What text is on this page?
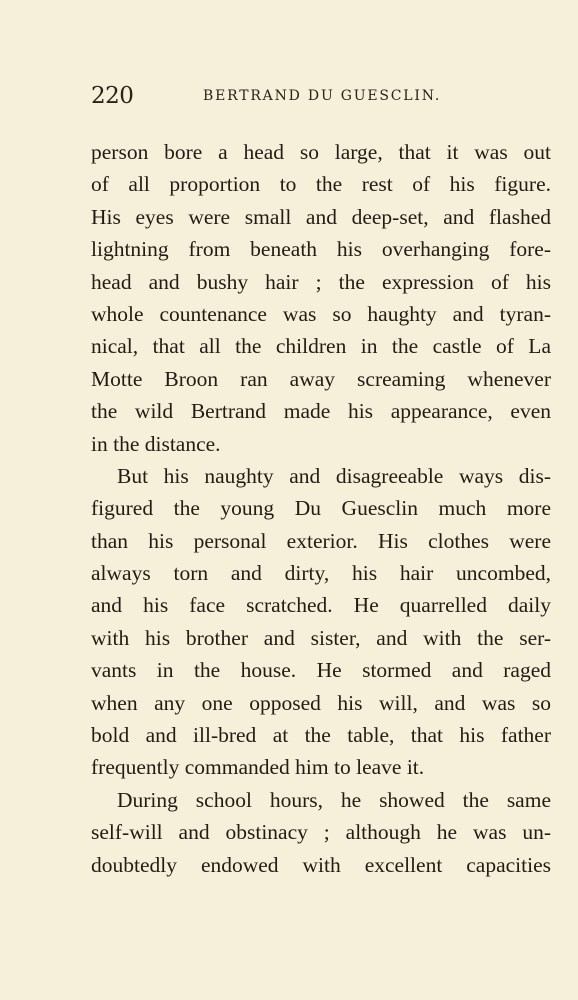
220	BERTRAND DU GUESCLIN.
person bore a head so large, that it was out
of all proportion to the rest of his figure.
His eyes were small and deep-set, and flashed
lightning from beneath his overhanging fore-
head and bushy hair ; the expression of his
whole countenance was so haughty and tyran-
nical, that all the children in the castle of La
Motte Broon ran away screaming whenever
the wild Bertrand made his appearance, even
in the distance.
But his naughty and disagreeable ways dis-
figured the young Du Guesclin much more
than his personal exterior. His clothes were
always torn and dirty, his hair uncombed,
and his face scratched. He quarrelled daily
with his brother and sister, and with the ser-
vants in the house. He stormed and raged
when any one opposed his will, and was so
bold and ill-bred at the table, that his father
frequently commanded him to leave it.
During school hours, he showed the same
self-will and obstinacy ; although he was un-
doubtedly endowed with excellent capacities
